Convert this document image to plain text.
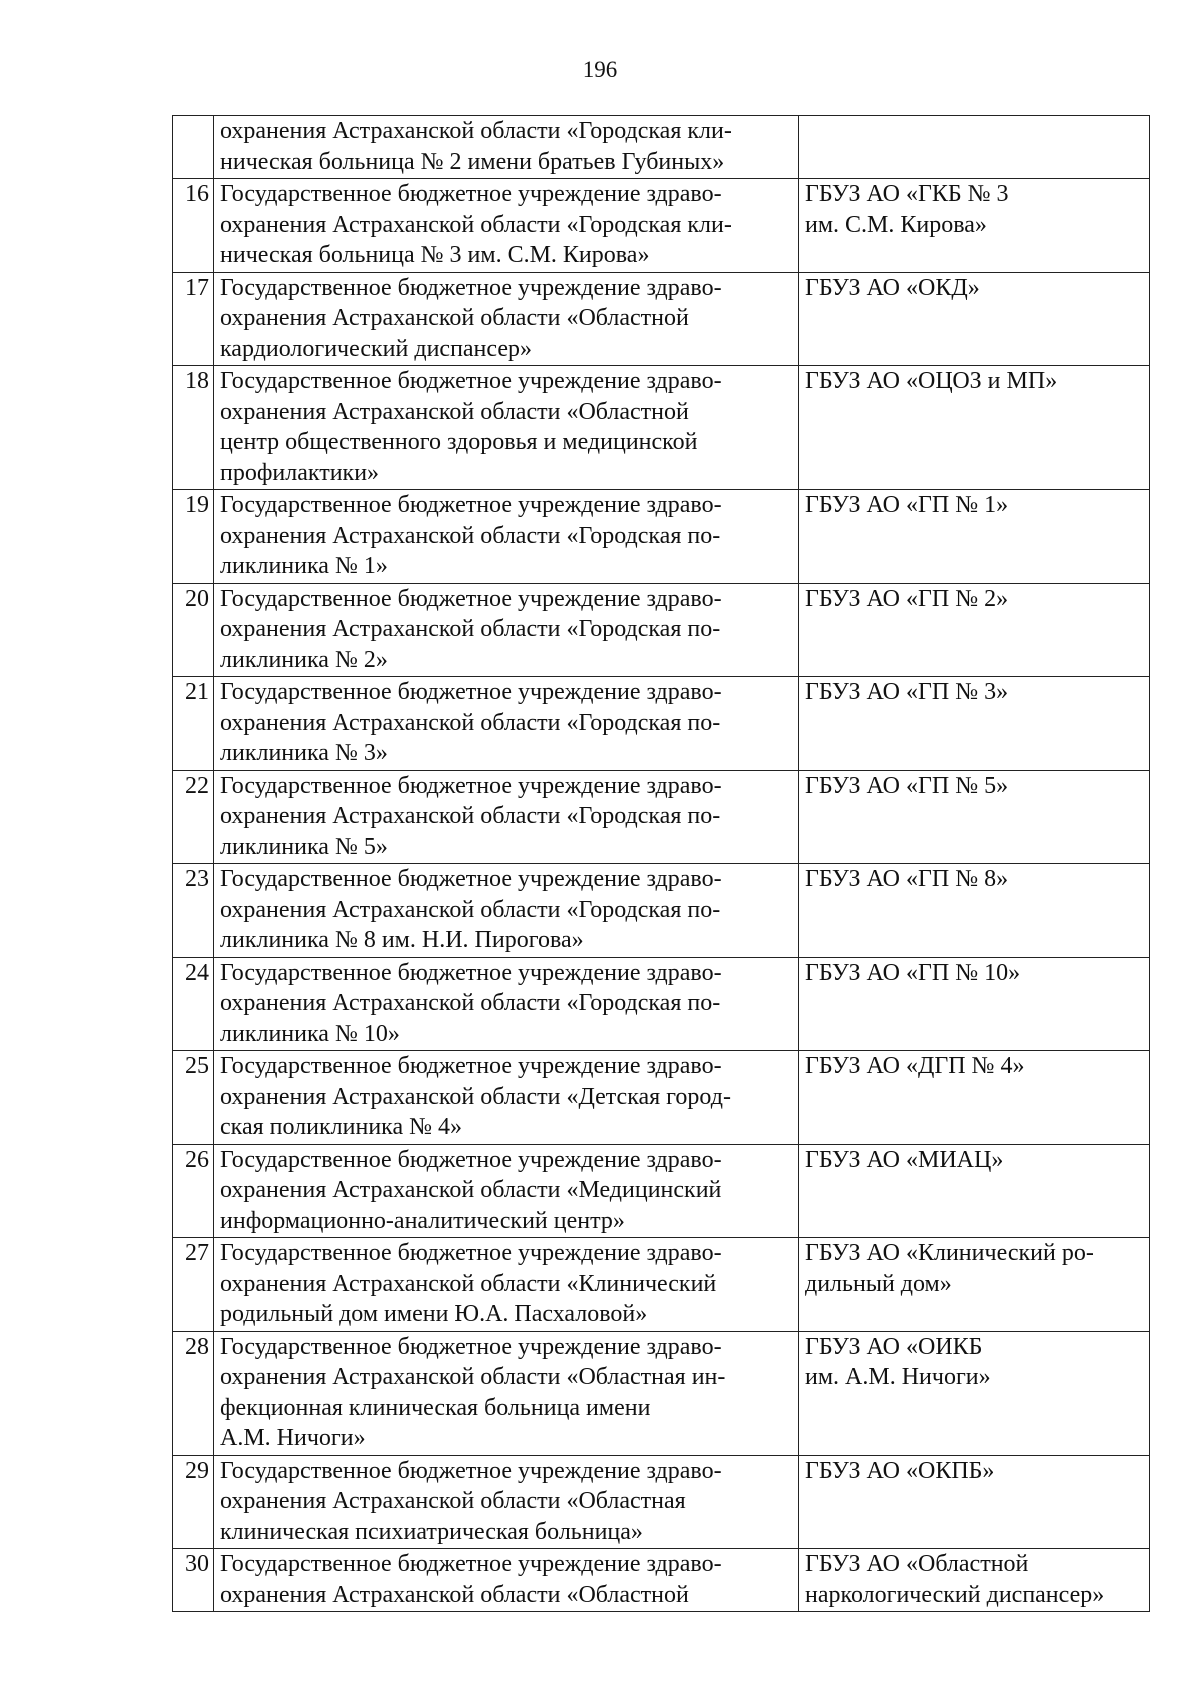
196

	охранения Астраханской области «Городская кли-
ническая больница № 2 имени братьев Губиных»	

16	Государственное бюджетное учреждение здраво-
охранения Астраханской области «Городская кли-
ническая больница № 3 им. С.М. Кирова»	ГБУЗ АО «ГКБ № 3
им. С.М. Кирова»

17	Государственное бюджетное учреждение здраво-
охранения Астраханской области «Областной
кардиологический диспансер»	ГБУЗ АО «ОКД»

18	Государственное бюджетное учреждение здраво-
охранения Астраханской области «Областной
центр общественного здоровья и медицинской
профилактики»	ГБУЗ АО «ОЦОЗ и МП»

19	Государственное бюджетное учреждение здраво-
охранения Астраханской области «Городская по-
ликлиника № 1»	ГБУЗ АО «ГП № 1»

20	Государственное бюджетное учреждение здраво-
охранения Астраханской области «Городская по-
ликлиника № 2»	ГБУЗ АО «ГП № 2»

21	Государственное бюджетное учреждение здраво-
охранения Астраханской области «Городская по-
ликлиника № 3»	ГБУЗ АО «ГП № 3»

22	Государственное бюджетное учреждение здраво-
охранения Астраханской области «Городская по-
ликлиника № 5»	ГБУЗ АО «ГП № 5»

23	Государственное бюджетное учреждение здраво-
охранения Астраханской области «Городская по-
ликлиника № 8 им. Н.И. Пирогова»	ГБУЗ АО «ГП № 8»

24	Государственное бюджетное учреждение здраво-
охранения Астраханской области «Городская по-
ликлиника № 10»	ГБУЗ АО «ГП № 10»

25	Государственное бюджетное учреждение здраво-
охранения Астраханской области «Детская город-
ская поликлиника № 4»	ГБУЗ АО «ДГП № 4»

26	Государственное бюджетное учреждение здраво-
охранения Астраханской области «Медицинский
информационно-аналитический центр»	ГБУЗ АО «МИАЦ»

27	Государственное бюджетное учреждение здраво-
охранения Астраханской области «Клинический
родильный дом имени Ю.А. Пасхаловой»	ГБУЗ АО «Клинический ро-
дильный дом»

28	Государственное бюджетное учреждение здраво-
охранения Астраханской области «Областная ин-
фекционная клиническая больница имени
А.М. Ничоги»	ГБУЗ АО «ОИКБ
им. А.М. Ничоги»

29	Государственное бюджетное учреждение здраво-
охранения Астраханской области «Областная
клиническая психиатрическая больница»	ГБУЗ АО «ОКПБ»

30	Государственное бюджетное учреждение здраво-
охранения Астраханской области «Областной	ГБУЗ АО «Областной
наркологический диспансер»
